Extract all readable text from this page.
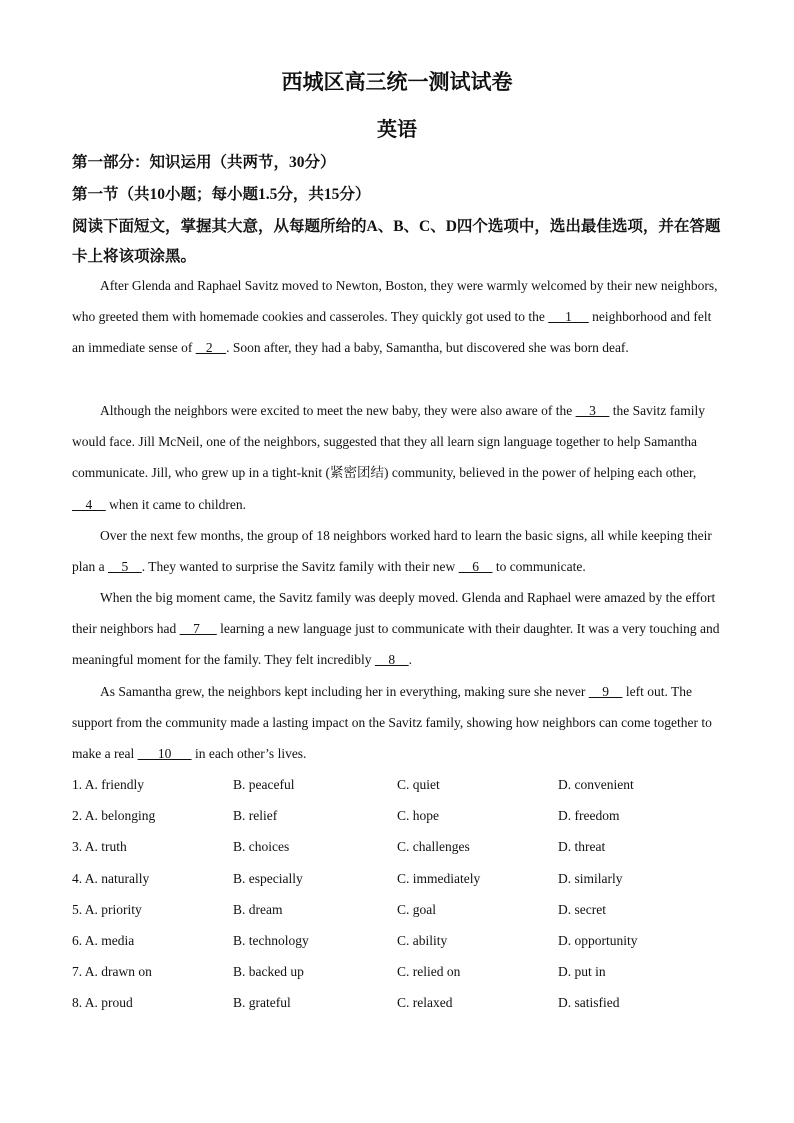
西城区高三统一测试试卷
英语
第一部分：知识运用（共两节，30分）
第一节（共10小题；每小题1.5分，共15分）
阅读下面短文，掌握其大意，从每题所给的A、B、C、D四个选项中，选出最佳选项，并在答题卡上将该项涂黑。
After Glenda and Raphael Savitz moved to Newton, Boston, they were warmly welcomed by their new neighbors, who greeted them with homemade cookies and casseroles. They quickly got used to the      1      neighborhood and felt an immediate sense of    2    . Soon after, they had a baby, Samantha, but discovered she was born deaf.
Although the neighbors were excited to meet the new baby, they were also aware of the     3     the Savitz family would face. Jill McNeil, one of the neighbors, suggested that they all learn sign language together to help Samantha communicate. Jill, who grew up in a tight-knit (紧密团结) community, believed in the power of helping each other,     4     when it came to children.
Over the next few months, the group of 18 neighbors worked hard to learn the basic signs, all while keeping their plan a     5    . They wanted to surprise the Savitz family with their new     6     to communicate.
When the big moment came, the Savitz family was deeply moved. Glenda and Raphael were amazed by the effort their neighbors had     7      learning a new language just to communicate with their daughter. It was a very touching and meaningful moment for the family. They felt incredibly     8    .
As Samantha grew, the neighbors kept including her in everything, making sure she never     9     left out. The support from the community made a lasting impact on the Savitz family, showing how neighbors can come together to make a real       10       in each other’s lives.
1. A. friendly	B. peaceful	C. quiet	D. convenient
2. A. belonging	B. relief	C. hope	D. freedom
3. A. truth	B. choices	C. challenges	D. threat
4. A. naturally	B. especially	C. immediately	D. similarly
5. A. priority	B. dream	C. goal	D. secret
6. A. media	B. technology	C. ability	D. opportunity
7. A. drawn on	B. backed up	C. relied on	D. put in
8. A. proud	B. grateful	C. relaxed	D. satisfied
